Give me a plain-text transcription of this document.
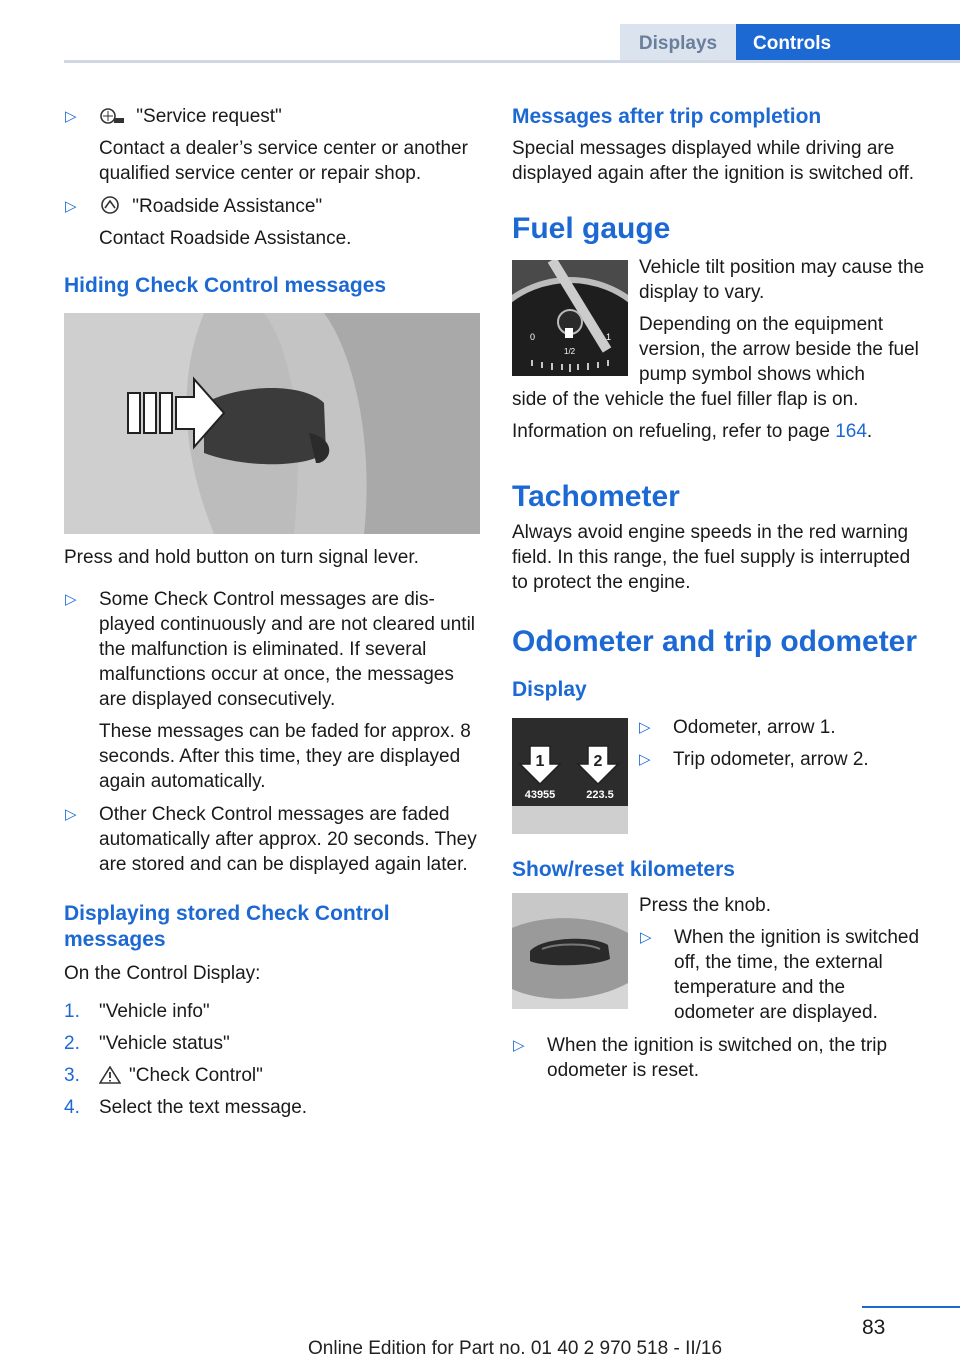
Displays	Controls
▷	"Service request"
Contact a dealer’s service center or another qualified service center or repair shop.
▷	"Roadside Assistance"
Contact Roadside Assistance.
Hiding Check Control messages
Press and hold button on turn signal lever.
▷ Some Check Control messages are displayed continuously and are not cleared until the malfunction is eliminated. If several malfunctions occur at once, the messages are displayed consecutively.
These messages can be faded for approx. 8 seconds. After this time, they are displayed again automatically.
▷ Other Check Control messages are faded automatically after approx. 20 seconds. They are stored and can be displayed again later.
Displaying stored Check Control messages
On the Control Display:
1. "Vehicle info"
2. "Vehicle status"
3.	"Check Control"
4. Select the text message.
Messages after trip completion
Special messages displayed while driving are displayed again after the ignition is switched off.
Fuel gauge
0
1/2
1
Vehicle tilt position may cause the display to vary.
Depending on the equipment version, the arrow beside the fuel pump symbol shows which
side of the vehicle the fuel filler flap is on.
Information on refueling, refer to page 164.
Tachometer
Always avoid engine speeds in the red warning field. In this range, the fuel supply is interrupted to protect the engine.
Odometer and trip odometer
Display
1	2
43955	223.5
▷ Odometer, arrow 1.
▷ Trip odometer, arrow 2.
Show/reset kilometers
Press the knob.
▷ When the ignition is switched off, the time, the external temperature and the odometer are displayed.
▷ When the ignition is switched on, the trip odometer is reset.
83
Online Edition for Part no. 01 40 2 970 518 - II/16
